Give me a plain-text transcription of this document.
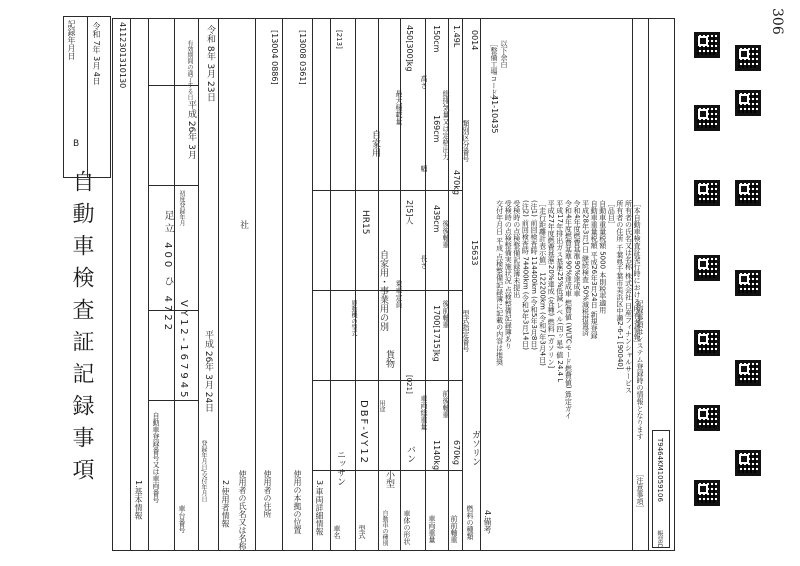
自動車検査証記録事項
B
記録年月日 令和 7年 3月 4日 4112301310130
306
1.基本情報 自動車登録番号又は車両番号
足立 400 ひ 4722
車台番号
VY12-167945
初度登録年月
平成 26年 3月
登録年月日/交付年月日
平成 26年 3月 24日
有効期間の満了する日 令和 8年 3月 23日
2.使用者情報 使用者の氏名又は名称
社
使用者の住所
[13004 0886]
使用の本拠の位置
[13008 0361]
3.車両詳細情報 車名
ニッサン
[213]
型式
DBF-VY12
原動機の型式
HR15
自動車の種別
小型
用途
貨物
自家用・事業用の別
自家用
車体の形状
バン
[021]
乗車定員
2[5]人
最大積載量
450[300]kg
車両重量
1140kg
車両総重量
1700[1715]kg
長さ
439cm
幅
169cm
高さ
150cm
前前軸重
670kg
前後軸重
後前軸重
後後軸重
470kg
総排気量又は定格出力
1.49L
燃料の種類
ガソリン
型式指定番号
15633
類別区分番号
0014
4.備考
［本自動車検査証発行時における所有者情報］
所有者の氏名又は名称 株式会社 日産フィナンシャルサービス
所有者の住所 千葉県千葉市美浜区中瀬2-6-1 [90040]
［品目］
自動車重量税額 5000 本則税率適用
自動車重量税額 平成26年3月24日 新規登録
平成28年3月1日 継続検査 50%減税措置済
令和4年度燃費基準90%達成車
令和4年度燃費基準90%達成車 燃費値 (WLTCモード燃費値) 算定ガイ
平成17年排出ガス基準25%低減レベル(四ッ星) 値 24.4 L
平成27年度燃費基準20%達成 (各種) 燃料 [ガソリン]
［走行距離計表示値］ 122200km (令和7年3月4日)
(注1) 前回検査時 114400km (令和5年3月8日)
(注2) 前回検査時 74400km (令和3年3月14日)
受検時の点検整備記録簿未提出
受検時の点検整備実施状況 点検整備記録簿あり
交付年月日 平成 点検整備記録簿に記載の内容は推奨
［整備工場コード］
41-10435
以下余白
［注意事項］
記録事項はシステム登録時の情報となります
帳票ID
T9464KM1059106
